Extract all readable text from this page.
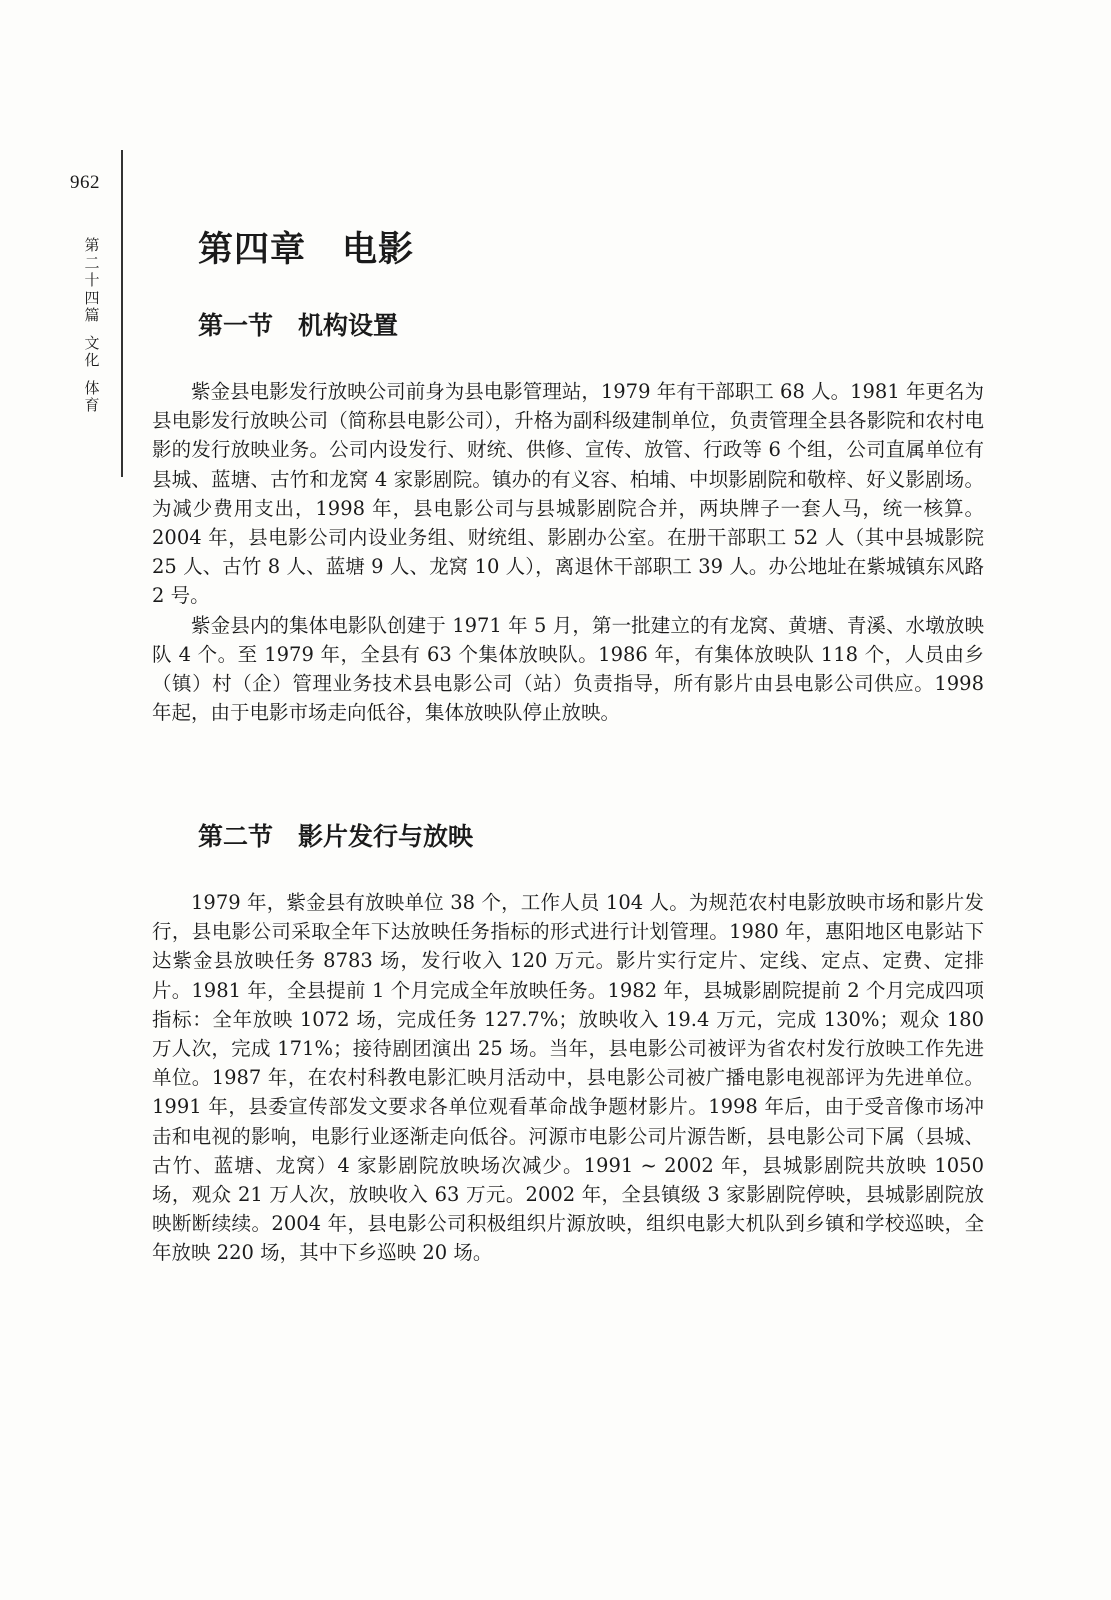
962
第二十四篇
文化
体育
第四章　电影
第一节　机构设置

紫金县电影发行放映公司前身为县电影管理站，1979 年有干部职工 68 人。1981 年更名为县电影发行放映公司（简称县电影公司），升格为副科级建制单位，负责管理全县各影院和农村电影的发行放映业务。公司内设发行、财统、供修、宣传、放管、行政等 6 个组，公司直属单位有县城、蓝塘、古竹和龙窝 4 家影剧院。镇办的有义容、柏埔、中坝影剧院和敬梓、好义影剧场。为减少费用支出，1998 年，县电影公司与县城影剧院合并，两块牌子一套人马，统一核算。2004 年，县电影公司内设业务组、财统组、影剧办公室。在册干部职工 52 人（其中县城影院 25 人、古竹 8 人、蓝塘 9 人、龙窝 10 人），离退休干部职工 39 人。办公地址在紫城镇东风路 2 号。

紫金县内的集体电影队创建于 1971 年 5 月，第一批建立的有龙窝、黄塘、青溪、水墩放映队 4 个。至 1979 年，全县有 63 个集体放映队。1986 年，有集体放映队 118 个，人员由乡（镇）村（企）管理业务技术县电影公司（站）负责指导，所有影片由县电影公司供应。1998 年起，由于电影市场走向低谷，集体放映队停止放映。

第二节　影片发行与放映

1979 年，紫金县有放映单位 38 个，工作人员 104 人。为规范农村电影放映市场和影片发行，县电影公司采取全年下达放映任务指标的形式进行计划管理。1980 年，惠阳地区电影站下达紫金县放映任务 8783 场，发行收入 120 万元。影片实行定片、定线、定点、定费、定排片。1981 年，全县提前 1 个月完成全年放映任务。1982 年，县城影剧院提前 2 个月完成四项指标：全年放映 1072 场，完成任务 127.7%；放映收入 19.4 万元，完成 130%；观众 180 万人次，完成 171%；接待剧团演出 25 场。当年，县电影公司被评为省农村发行放映工作先进单位。1987 年，在农村科教电影汇映月活动中，县电影公司被广播电影电视部评为先进单位。1991 年，县委宣传部发文要求各单位观看革命战争题材影片。1998 年后，由于受音像市场冲击和电视的影响，电影行业逐渐走向低谷。河源市电影公司片源告断，县电影公司下属（县城、古竹、蓝塘、龙窝）4 家影剧院放映场次减少。1991 ~ 2002 年，县城影剧院共放映 1050 场，观众 21 万人次，放映收入 63 万元。2002 年，全县镇级 3 家影剧院停映，县城影剧院放映断断续续。2004 年，县电影公司积极组织片源放映，组织电影大机队到乡镇和学校巡映，全年放映 220 场，其中下乡巡映 20 场。
